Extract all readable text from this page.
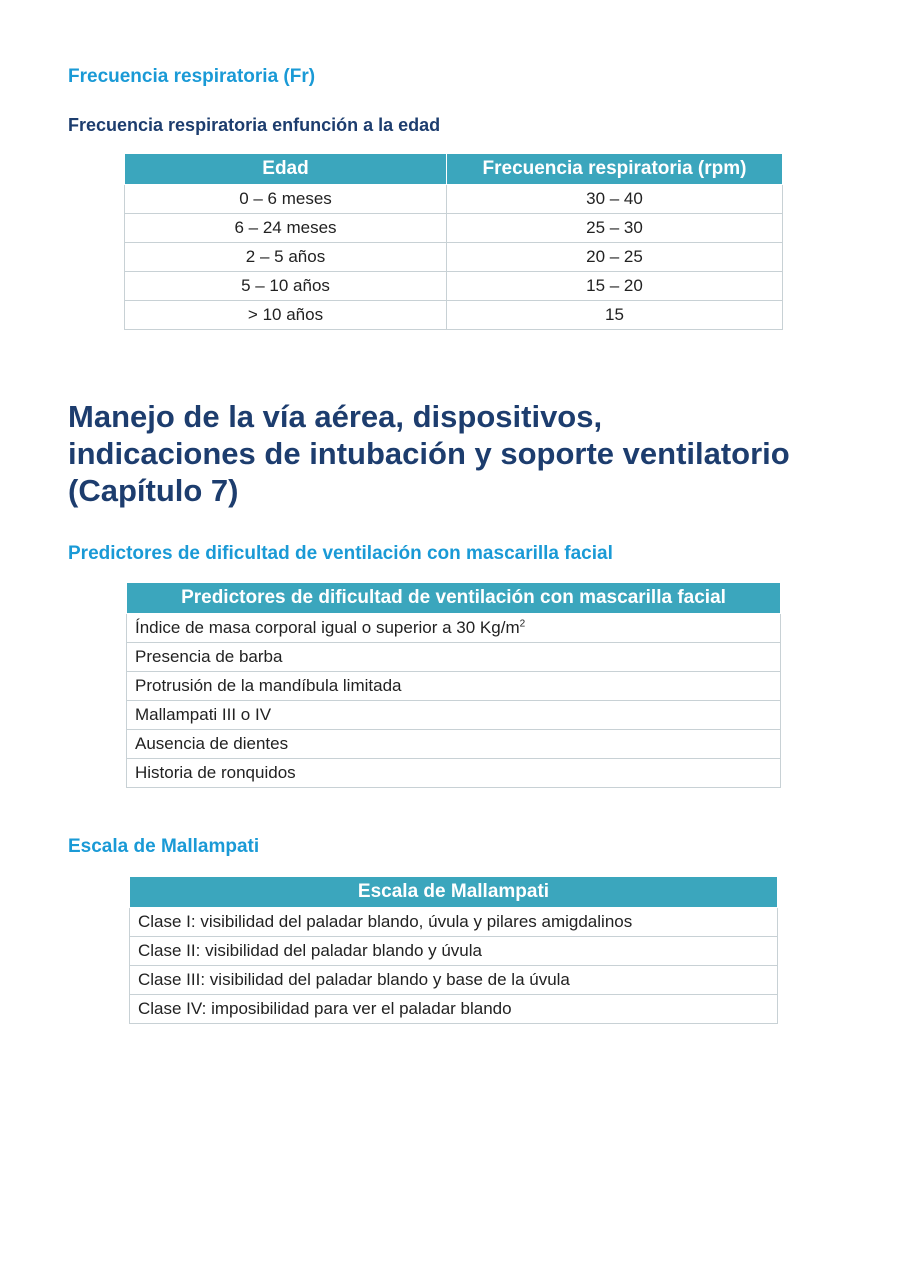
Frecuencia respiratoria (Fr)
Frecuencia respiratoria enfunción a la edad
Edad	Frecuencia respiratoria (rpm)
0 – 6 meses	30 – 40
6 – 24 meses	25 – 30
2 – 5 años	20 – 25
5 – 10 años	15 – 20
> 10 años	15
Manejo de la vía aérea, dispositivos,
indicaciones de intubación y soporte ventilatorio
(Capítulo 7)
Predictores de dificultad de ventilación con mascarilla facial
Predictores de dificultad de ventilación con mascarilla facial
Índice de masa corporal igual o superior a 30 $Kg/m^2$
Presencia de barba
Protrusión de la mandíbula limitada
Mallampati III o IV
Ausencia de dientes
Historia de ronquidos
Escala de Mallampati
Escala de Mallampati
Clase I: visibilidad del paladar blando, úvula y pilares amigdalinos
Clase II: visibilidad del paladar blando y úvula
Clase III: visibilidad del paladar blando y base de la úvula
Clase IV: imposibilidad para ver el paladar blando
